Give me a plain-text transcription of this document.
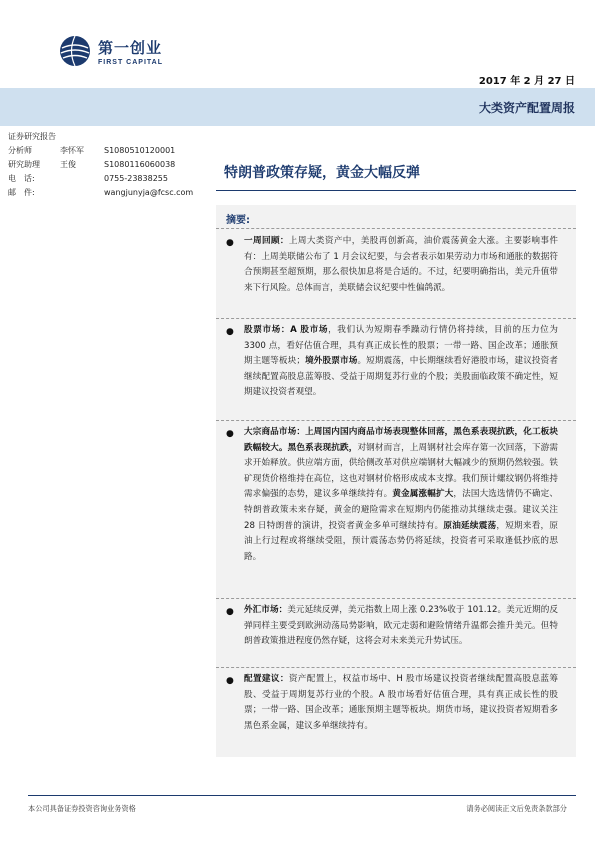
第一创业
FIRST CAPITAL
2017 年 2 月 27 日
大类资产配置周报
证券研究报告
分析师	李怀军	S1080510120001
研究助理	王俊	S1080116060038
电　话:	0755-23838255
邮　件:	wangjunyja@fcsc.com
特朗普政策存疑，黄金大幅反弹
摘要:
● 一周回顾：上周大类资产中，美股再创新高，油价震荡黄金大涨。主要影响事件有：上周美联储公布了 1 月会议纪要，与会者表示如果劳动力市场和通胀的数据符合预期甚至超预期，那么很快加息将是合适的。不过，纪要明确指出，美元升值带来下行风险。总体而言，美联储会议纪要中性偏鸽派。
● 股票市场：A 股市场，我们认为短期春季躁动行情仍将持续，目前的压力位为 3300 点，看好估值合理，具有真正成长性的股票；一带一路、国企改革；通胀预期主题等板块；境外股票市场。短期震荡，中长期继续看好港股市场，建议投资者继续配置高股息蓝筹股、受益于周期复苏行业的个股；美股面临政策不确定性，短期建议投资者观望。
● 大宗商品市场：上周国内国内商品市场表现整体回落，黑色系表现抗跌，化工板块跌幅较大。黑色系表现抗跌，对钢材而言，上周钢材社会库存第一次回落，下游需求开始释放。供应端方面，供给侧改革对供应端钢材大幅减少的预期仍然较强。铁矿现货价格维持在高位，这也对钢材价格形成成本支撑。我们预计螺纹钢仍将维持需求偏强的态势，建议多单继续持有。黄金属涨幅扩大，法国大选选情仍不确定、特朗普政策未来存疑，黄金的避险需求在短期内仍能推动其继续走强。建议关注 28 日特朗普的演讲，投资者黄金多单可继续持有。原油延续震荡，短期来看，原油上行过程或将继续受阻，预计震荡态势仍将延续，投资者可采取逢低抄底的思路。
● 外汇市场：美元延续反弹，美元指数上周上涨 0.23%收于 101.12。美元近期的反弹同样主要受到欧洲动荡局势影响，欧元走弱和避险情绪升温都会推升美元。但特朗普政策推进程度仍然存疑，这将会对未来美元升势试压。
● 配置建议：资产配置上，权益市场中、H 股市场建议投资者继续配置高股息蓝筹股、受益于周期复苏行业的个股。A 股市场看好估值合理，具有真正成长性的股票；一带一路、国企改革；通胀预期主题等板块。期货市场，建议投资者短期看多黑色系金属，建议多单继续持有。
本公司具备证券投资咨询业务资格	请务必阅读正文后免责条款部分
